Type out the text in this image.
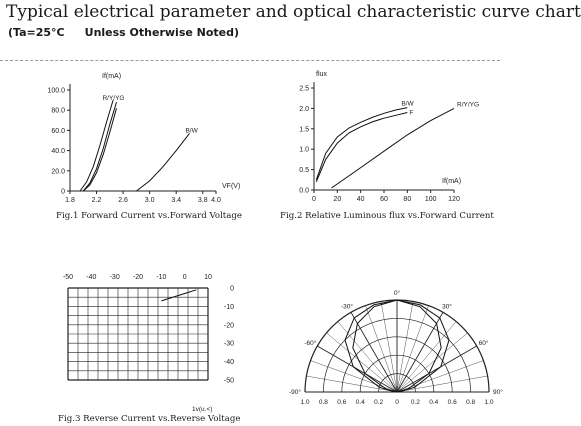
Typical electrical parameter and optical characteristic curve chart
(Ta=25°C Unless Otherwise Noted)
0
20.0
40.0
60.0
80.0
100.0
1.8 2.2 2.6 3.0 3.4 3.8 4.0
If(mA)
VF(V)
R/Y/YG
B/W
Fig.1 Forward Current vs.Forward Voltage
0.0
0.5
1.0
1.5
2.0
2.5
0 20 40 60 80 100 120
flux
If(mA)
B/W
F
R/Y/YG
Fig.2 Relative Luminous flux vs.Forward Current
-50 -40 -30 -20 -10 0 10
0
-10
-20
-30
-40
-50
1v(u.<)
Fig.3 Reverse Current vs.Reverse Voltage
0°
30°
60°
90°
-30°
-60°
-90°
1.0 0.8 0.6 0.4 0.2 0 0.2 0.4 0.6 0.8 1.0
